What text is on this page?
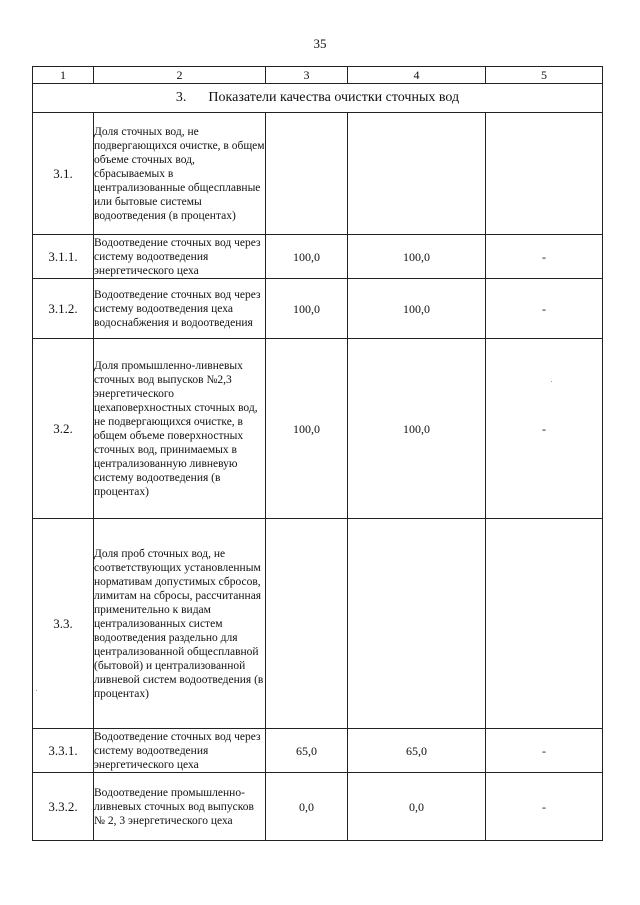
35
1	2	3	4	5
3. Показатели качества очистки сточных вод				
3.1.	Доля сточных вод, не подвергающихся очистке, в общем объеме сточных вод, сбрасываемых в централизованные общесплавные или бытовые системы водоотведения (в процентах)			
3.1.1.	Водоотведение сточных вод через систему водоотведения энергетического цеха	100,0	100,0	-
3.1.2.	Водоотведение сточных вод через систему водоотведения цеха водоснабжения и водоотведения	100,0	100,0	-
3.2.	Доля промышленно-ливневых сточных вод выпусков №2,3 энергетического цехаповерхностных сточных вод, не подвергающихся очистке, в общем объеме поверхностных сточных вод, принимаемых в централизованную ливневую систему водоотведения (в процентах)	100,0	100,0	-
3.3.	Доля проб сточных вод, не соответствующих установленным нормативам допустимых сбросов, лимитам на сбросы, рассчитанная применительно к видам централизованных систем водоотведения раздельно для централизованной общесплавной (бытовой) и централизованной ливневой систем водоотведения (в процентах)			
3.3.1.	Водоотведение сточных вод через систему водоотведения энергетического цеха	65,0	65,0	-
3.3.2.	Водоотведение промышленно-ливневых сточных вод выпусков № 2, 3 энергетического цеха	0,0	0,0	-
